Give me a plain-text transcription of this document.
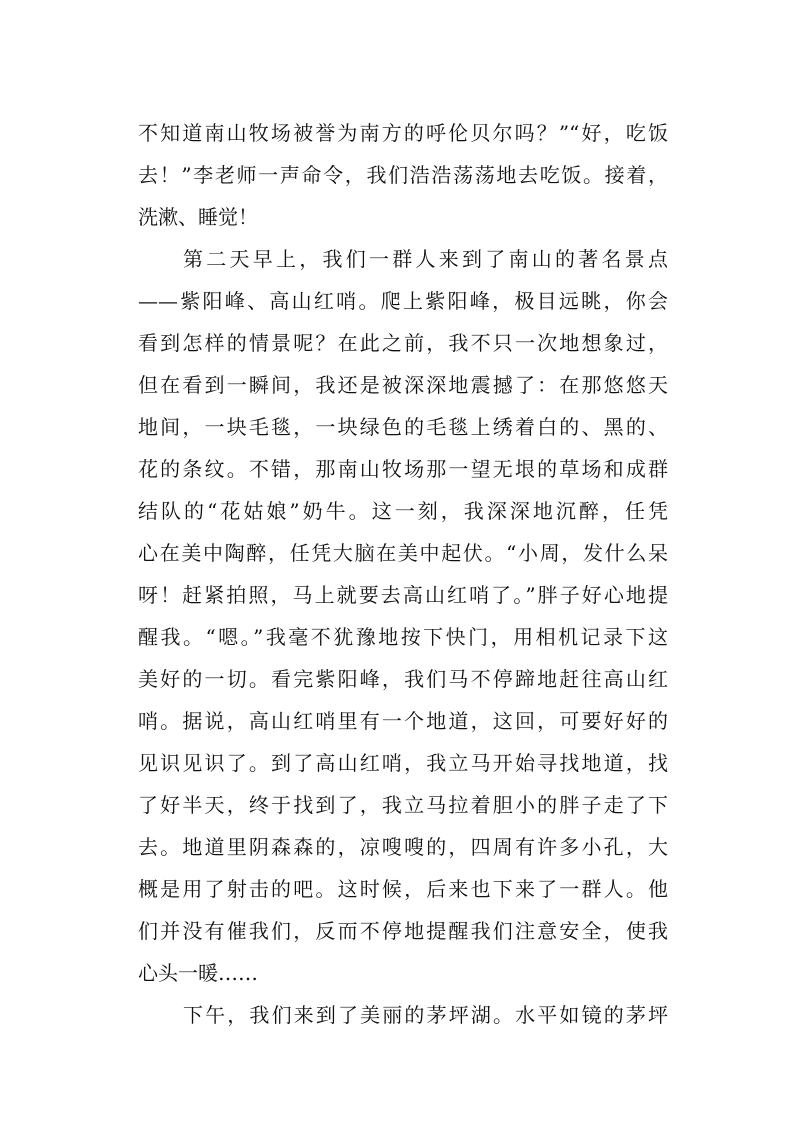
不知道南山牧场被誉为南方的呼伦贝尔吗？”“好，吃饭
去！”李老师一声命令，我们浩浩荡荡地去吃饭。接着，
洗漱、睡觉！
第二天早上，我们一群人来到了南山的著名景点
——紫阳峰、高山红哨。爬上紫阳峰，极目远眺，你会
看到怎样的情景呢？在此之前，我不只一次地想象过，
但在看到一瞬间，我还是被深深地震撼了：在那悠悠天
地间，一块毛毯，一块绿色的毛毯上绣着白的、黑的、
花的条纹。不错，那南山牧场那一望无垠的草场和成群
结队的“花姑娘”奶牛。这一刻，我深深地沉醉，任凭
心在美中陶醉，任凭大脑在美中起伏。“小周，发什么呆
呀！赶紧拍照，马上就要去高山红哨了。”胖子好心地提
醒我。“嗯。”我毫不犹豫地按下快门，用相机记录下这
美好的一切。看完紫阳峰，我们马不停蹄地赶往高山红
哨。据说，高山红哨里有一个地道，这回，可要好好的
见识见识了。到了高山红哨，我立马开始寻找地道，找
了好半天，终于找到了，我立马拉着胆小的胖子走了下
去。地道里阴森森的，凉嗖嗖的，四周有许多小孔，大
概是用了射击的吧。这时候，后来也下来了一群人。他
们并没有催我们，反而不停地提醒我们注意安全，使我
心头一暖……
下午，我们来到了美丽的茅坪湖。水平如镜的茅坪
